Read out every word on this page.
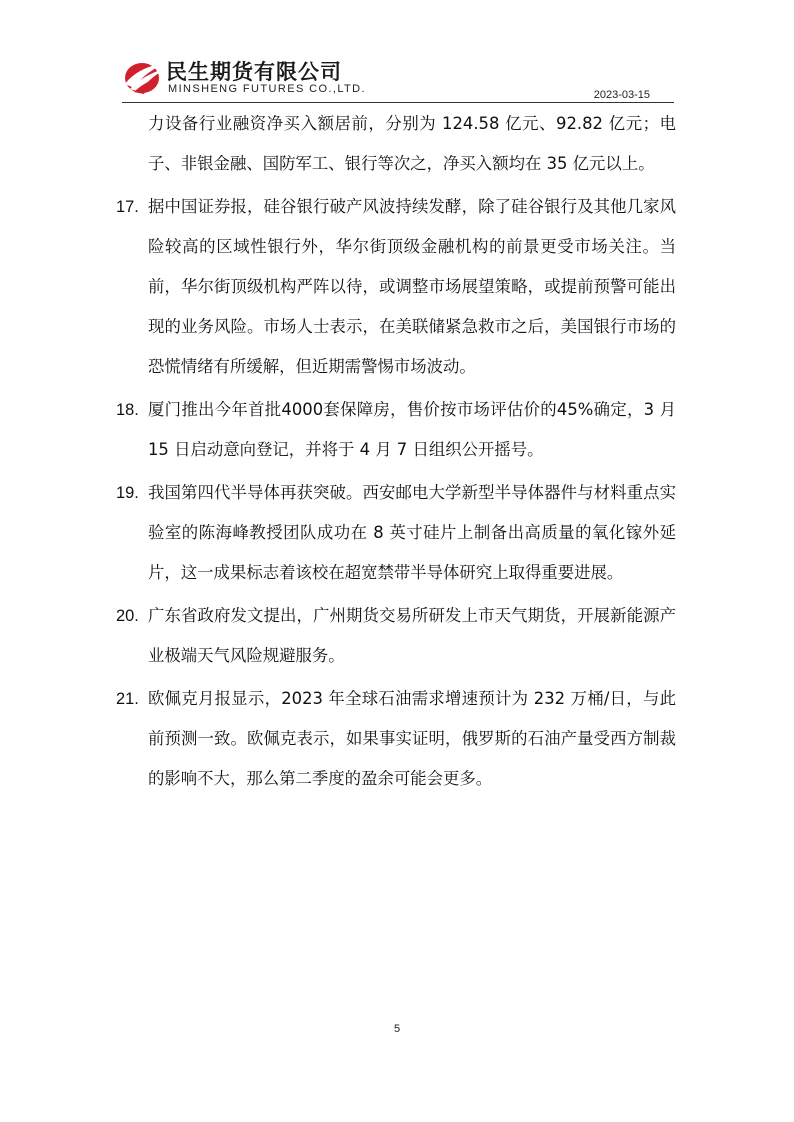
民生期货有限公司
MINSHENG FUTURES CO.,LTD.	2023-03-15

力设备行业融资净买入额居前，分别为 124.58 亿元、92.82 亿元；电子、非银金融、国防军工、银行等次之，净买入额均在 35 亿元以上。

17. 据中国证券报，硅谷银行破产风波持续发酵，除了硅谷银行及其他几家风险较高的区域性银行外，华尔街顶级金融机构的前景更受市场关注。当前，华尔街顶级机构严阵以待，或调整市场展望策略，或提前预警可能出现的业务风险。市场人士表示，在美联储紧急救市之后，美国银行市场的恐慌情绪有所缓解，但近期需警惕市场波动。

18. 厦门推出今年首批4000套保障房，售价按市场评估价的45%确定，3 月 15 日启动意向登记，并将于 4 月 7 日组织公开摇号。

19. 我国第四代半导体再获突破。西安邮电大学新型半导体器件与材料重点实验室的陈海峰教授团队成功在 8 英寸硅片上制备出高质量的氧化镓外延片，这一成果标志着该校在超宽禁带半导体研究上取得重要进展。

20. 广东省政府发文提出，广州期货交易所研发上市天气期货，开展新能源产业极端天气风险规避服务。

21. 欧佩克月报显示，2023 年全球石油需求增速预计为 232 万桶/日，与此前预测一致。欧佩克表示，如果事实证明，俄罗斯的石油产量受西方制裁的影响不大，那么第二季度的盈余可能会更多。

5
